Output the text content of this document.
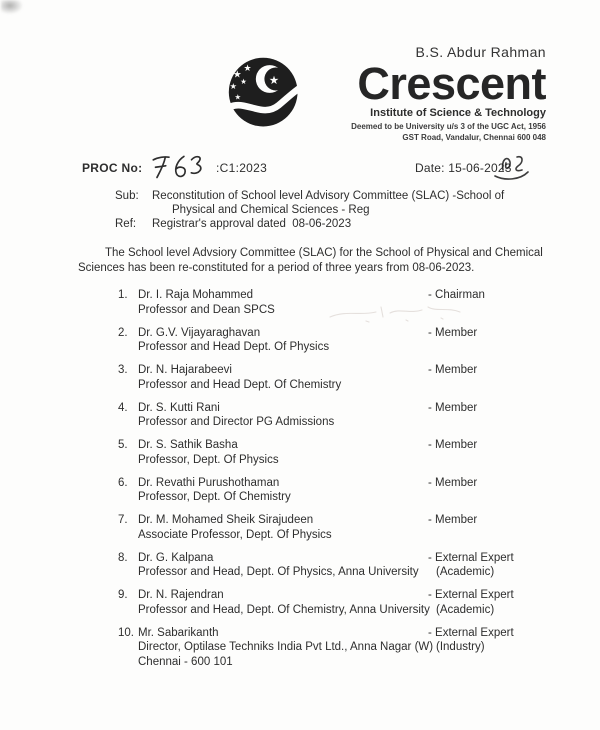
★
★
★
★ ★
★
B.S. Abdur Rahman
Crescent
Institute of Science & Technology
Deemed to be University u/s 3 of the UGC Act, 1956
GST Road, Vandalur, Chennai 600 048
PROC No:	:C1:2023	Date: 15-06-2023
Sub:	Reconstitution of School level Advisory Committee (SLAC) -School of
Physical and Chemical Sciences - Reg
Ref:	Registrar's approval dated  08-06-2023
The School level Advsiory Committee (SLAC) for the School of Physical and Chemical
Sciences has been re-constituted for a period of three years from 08-06-2023.
1. Dr. I. Raja Mohammed
Professor and Dean SPCS
- Chairman
2. Dr. G.V. Vijayaraghavan
Professor and Head Dept. Of Physics
- Member
3. Dr. N. Hajarabeevi
Professor and Head Dept. Of Chemistry
- Member
4. Dr. S. Kutti Rani
Professor and Director PG Admissions
- Member
5. Dr. S. Sathik Basha
Professor, Dept. Of Physics
- Member
6. Dr. Revathi Purushothaman
Professor, Dept. Of Chemistry
- Member
7. Dr. M. Mohamed Sheik Sirajudeen
Associate Professor, Dept. Of Physics
- Member
8. Dr. G. Kalpana
Professor and Head, Dept. Of Physics, Anna University
- External Expert
(Academic)
9. Dr. N. Rajendran
Professor and Head, Dept. Of Chemistry, Anna University
- External Expert
(Academic)
10. Mr. Sabarikanth
Director, Optilase Techniks India Pvt Ltd., Anna Nagar (W)
Chennai - 600 101
- External Expert
(Industry)
